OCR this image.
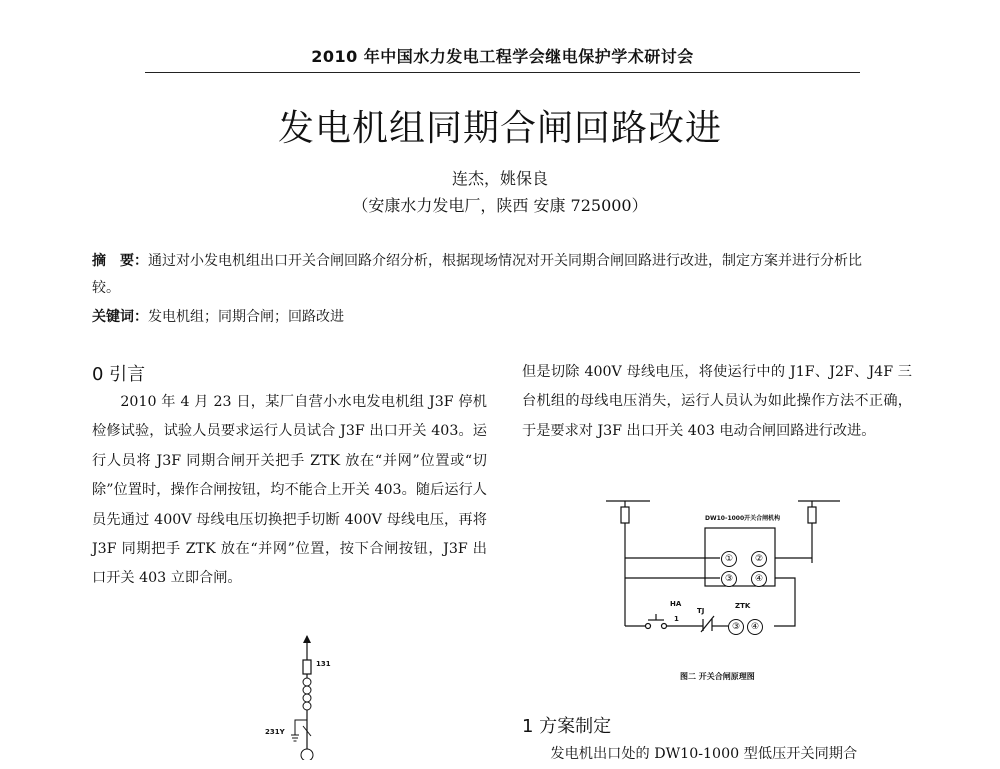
2010 年中国水力发电工程学会继电保护学术研讨会
发电机组同期合闸回路改进
连杰，姚保良
（安康水力发电厂，陕西 安康 725000）
摘　要：通过对小发电机组出口开关合闸回路介绍分析，根据现场情况对开关同期合闸回路进行改进，制定方案并进行分析比较。
关键词：发电机组；同期合闸；回路改进
0 引言
2010 年 4 月 23 日，某厂自营小水电发电机组 J3F 停机检修试验，试验人员要求运行人员试合 J3F 出口开关 403。运行人员将 J3F 同期合闸开关把手 ZTK 放在“并网”位置或“切除”位置时，操作合闸按钮，均不能合上开关 403。随后运行人员先通过 400V 母线电压切换把手切断 400V 母线电压，再将 J3F 同期把手 ZTK 放在“并网”位置，按下合闸按钮，J3F 出口开关 403 立即合闸。
131
231Y
但是切除 400V 母线电压，将使运行中的 J1F、J2F、J4F 三台机组的母线电压消失，运行人员认为如此操作方法不正确，于是要求对 J3F 出口开关 403 电动合闸回路进行改进。
DW10-1000开关合闸机构
①	②
③	④
HA
1
TJ
ZTK
③	④
图二 开关合闸原理图
1 方案制定
发电机出口处的 DW10-1000 型低压开关同期合
